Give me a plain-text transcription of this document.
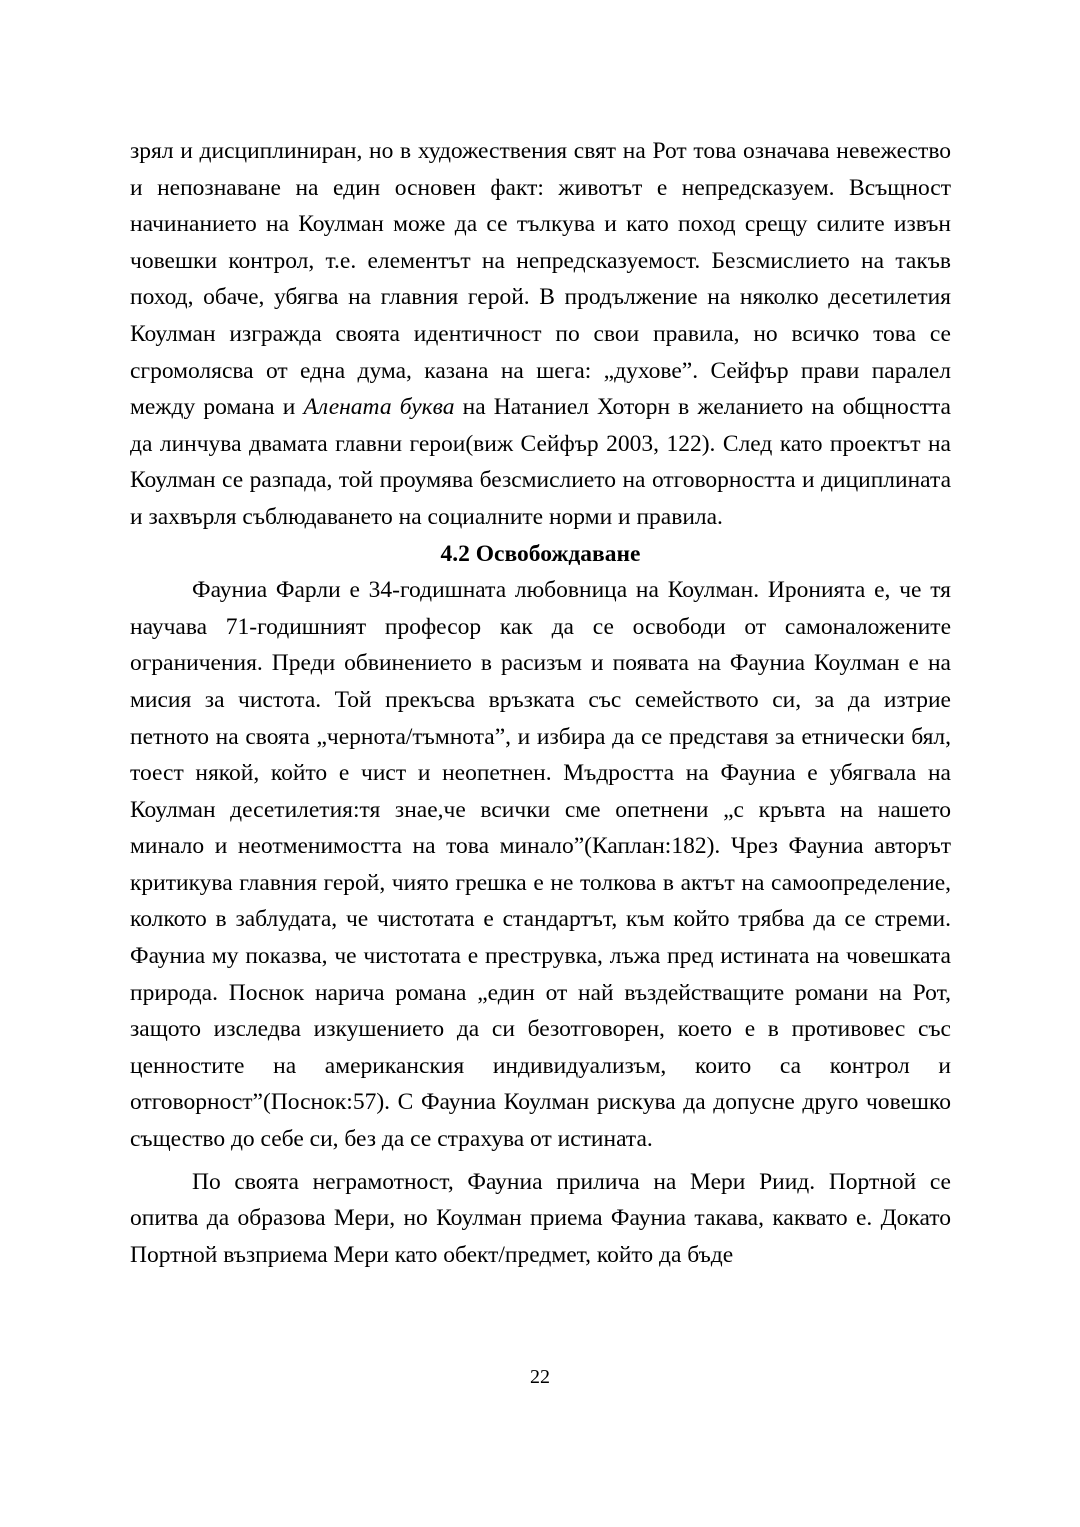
зрял и дисциплиниран, но в художествения свят на Рот това означава невежество и непознаване на един основен факт: животът е непредсказуем. Всъщност начинанието на Коулман може да се тълкува и като поход срещу силите извън човешки контрол, т.е. елементът на непредсказуемост. Безсмислието на такъв поход, обаче, убягва на главния герой. В продължение на няколко десетилетия Коулман изгражда своята идентичност по свои правила, но всичко това се сгромолясва от една дума, казана на шега: „духове”. Сейфър прави паралел между романа и Алената буква на Натаниел Хоторн в желанието на общността да линчува двамата главни герои(виж Сейфър 2003, 122). След като проектът на Коулман се разпада, той проумява безсмислието на отговорността и дициплината и захвърля съблюдаването на социалните норми и правила.

4.2 Освобождаване

Фауниа Фарли е 34-годишната любовница на Коулман. Иронията е, че тя научава 71-годишният професор как да се освободи от самоналожените ограничения. Преди обвинението в расизъм и появата на Фауниа Коулман е на мисия за чистота. Той прекъсва връзката със семейството си, за да изтрие петното на своята „чернота/тъмнота”, и избира да се представя за етнически бял, тоест някой, който е чист и неопетнен. Мъдростта на Фауниа е убягвала на Коулман десетилетия:тя знае,че всички сме опетнени „с кръвта на нашето минало и неотменимостта на това минало”(Каплан:182). Чрез Фауниа авторът критикува главния герой, чиято грешка е не толкова в актът на самоопределение, колкото в заблудата, че чистотата е стандартът, към който трябва да се стреми. Фауниа му показва, че чистотата е преструвка, лъжа пред истината на човешката природа. Поснок нарича романа „един от най въздействащите романи на Рот, защото изследва изкушението да си безотговорен, което е в противовес със ценностите на американския индивидуализъм, които са контрол и отговорност”(Поснок:57). С Фауниа Коулман рискува да допусне друго човешко същество до себе си, без да се страхува от истината.

По своята неграмотност, Фауниа прилича на Мери Риид. Портной се опитва да образова Мери, но Коулман приема Фауниа такава, каквато е. Докато Портной възприема Мери като обект/предмет, който да бъде

22
